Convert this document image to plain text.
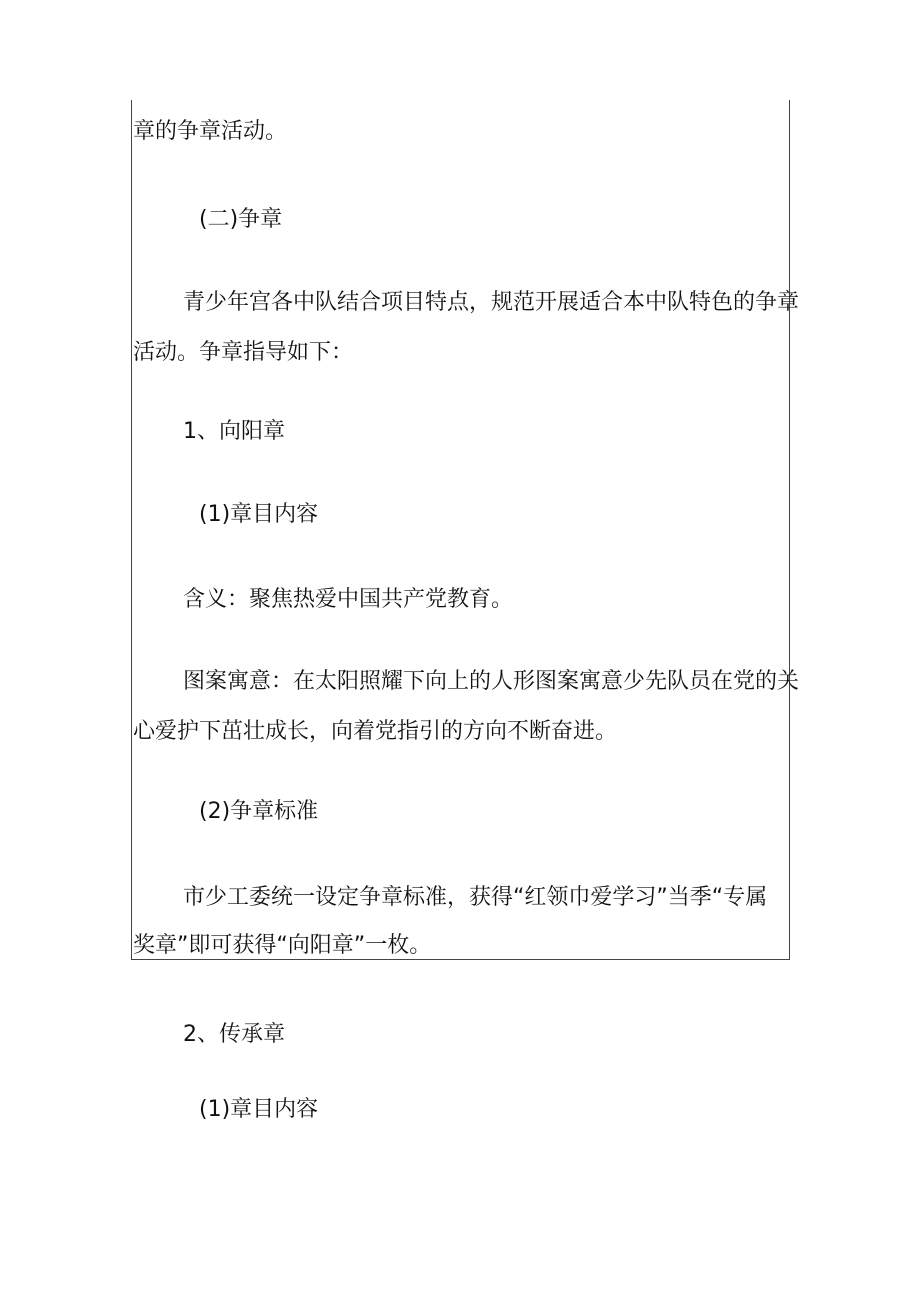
章的争章活动。
(二)争章
青少年宫各中队结合项目特点，规范开展适合本中队特色的争章
活动。争章指导如下：
1、向阳章
(1)章目内容
含义：聚焦热爱中国共产党教育。
图案寓意：在太阳照耀下向上的人形图案寓意少先队员在党的关
心爱护下茁壮成长，向着党指引的方向不断奋进。
(2)争章标准
市少工委统一设定争章标准，获得“红领巾爱学习”当季“专属
奖章”即可获得“向阳章”一枚。
2、传承章
(1)章目内容
